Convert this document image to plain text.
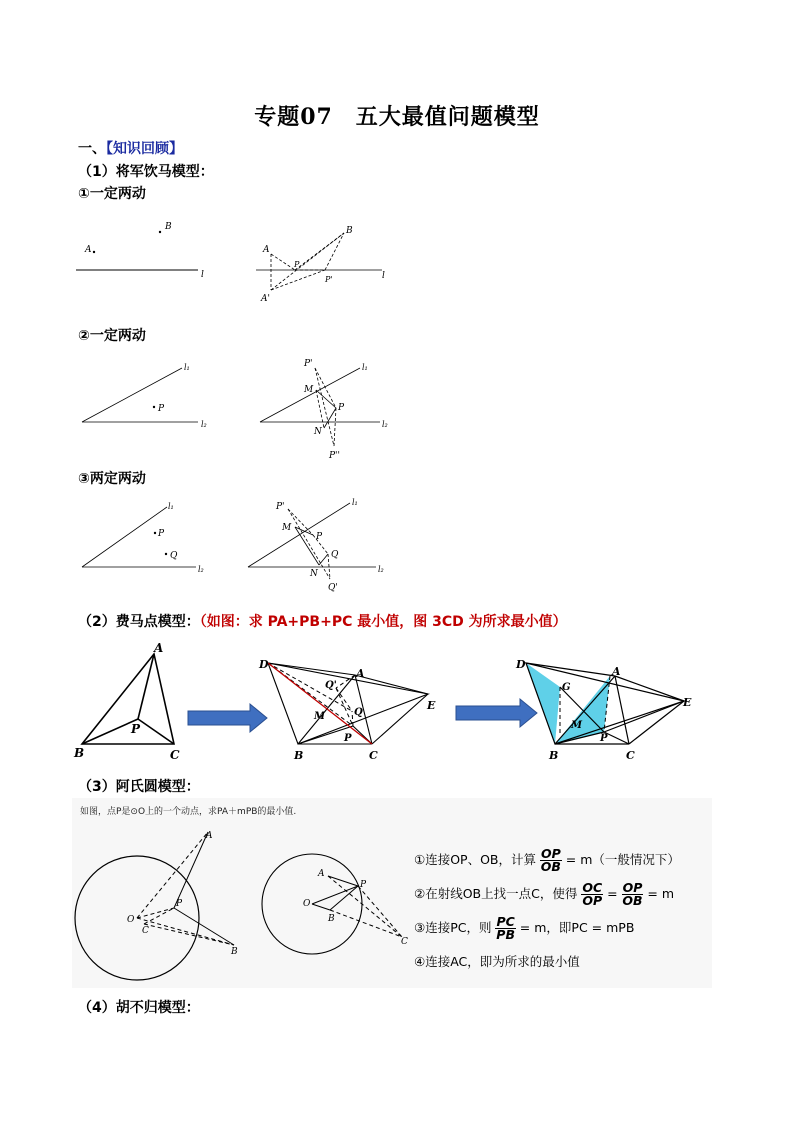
专题07　五大最值问题模型
一、【知识回顾】
（1）将军饮马模型：
①一定两动
A
B
l
A
B
P
P'
A'
l
②一定两动
P
l₁
l₂
P'
M
P
N
P''
l₁
l₂
③两定两动
P
Q
l₁
l₂
P'
M
P
Q
N
Q'
l₁
l₂
（2）费马点模型：（如图：求 PA+PB+PC 最小值，图 3CD 为所求最小值）
A
B	C
P
D
A
E
Q'
Q
M
P
B	C
D
A
E
G
M
P
B	C
（3）阿氏圆模型：
如图，点P是⊙O上的一个动点，求PA＋mPB的最小值.
O
A
P
C
B
A
O
B
P
C
①连接OP、OB，计算 $\frac{OP}{OB} = m$（一般情况下）
②在射线OB上找一点C，使得 $\frac{OC}{OP} = \frac{OP}{OB} = m$
③连接PC，则 $\frac{PC}{PB} = m$，即PC = mPB
④连接AC，即为所求的最小值
（4）胡不归模型：
